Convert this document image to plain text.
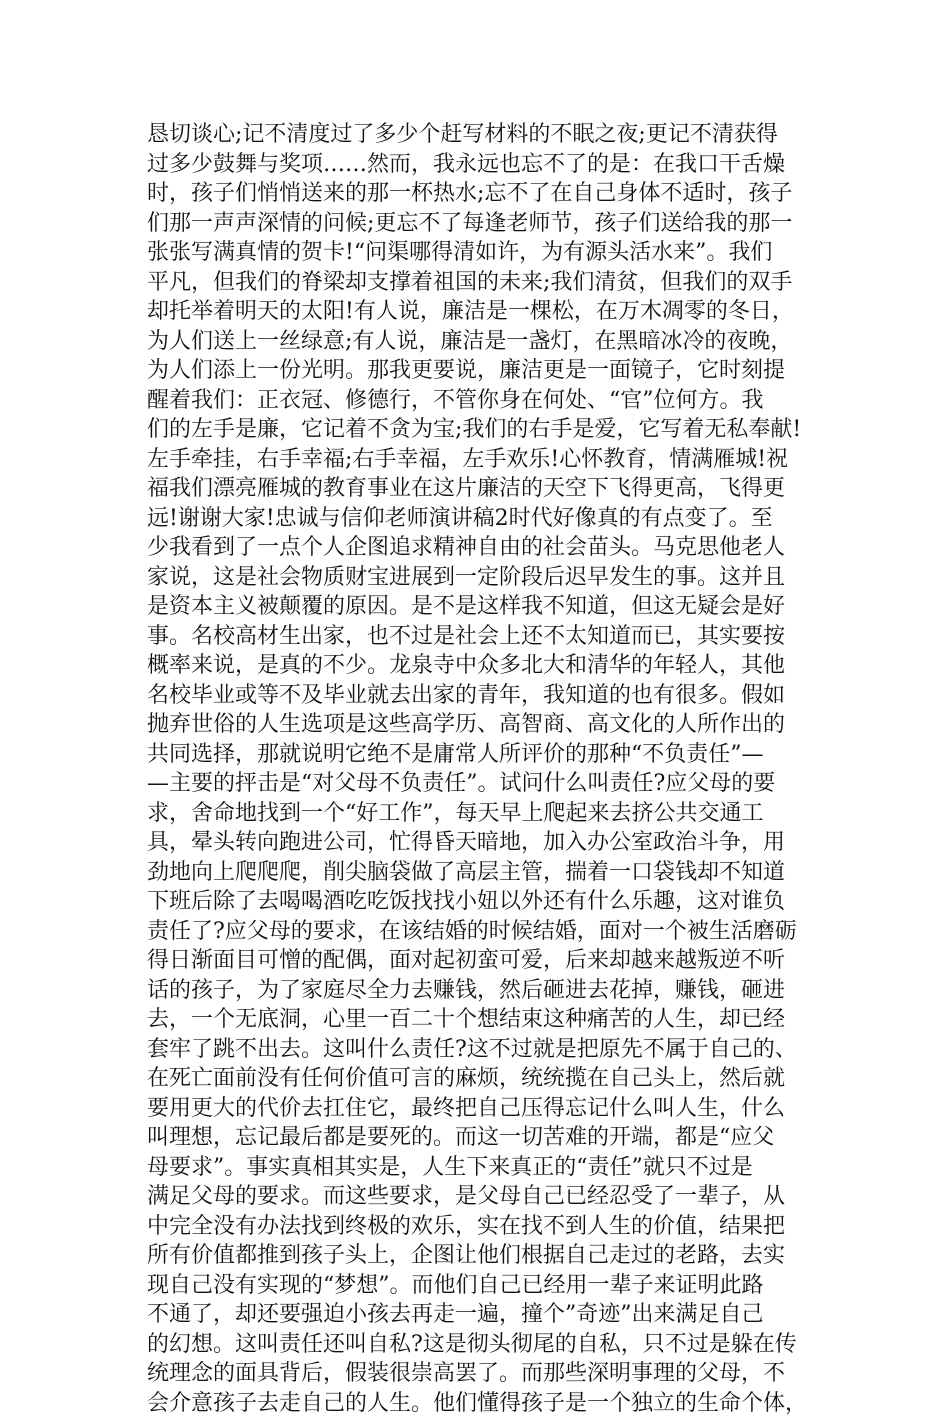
恳切谈心;记不清度过了多少个赶写材料的不眠之夜;更记不清获得
过多少鼓舞与奖项……然而，我永远也忘不了的是：在我口干舌燥
时，孩子们悄悄送来的那一杯热水;忘不了在自己身体不适时，孩子
们那一声声深情的问候;更忘不了每逢老师节，孩子们送给我的那一
张张写满真情的贺卡!“问渠哪得清如许，为有源头活水来”。我们
平凡，但我们的脊梁却支撑着祖国的未来;我们清贫，但我们的双手
却托举着明天的太阳!有人说，廉洁是一棵松，在万木凋零的冬日，
为人们送上一丝绿意;有人说，廉洁是一盏灯，在黑暗冰冷的夜晚，
为人们添上一份光明。那我更要说，廉洁更是一面镜子，它时刻提
醒着我们：正衣冠、修德行，不管你身在何处、“官”位何方。我
们的左手是廉，它记着不贪为宝;我们的右手是爱，它写着无私奉献!
左手牵挂，右手幸福;右手幸福，左手欢乐!心怀教育，情满雁城!祝
福我们漂亮雁城的教育事业在这片廉洁的天空下飞得更高，飞得更
远!谢谢大家!忠诚与信仰老师演讲稿2时代好像真的有点变了。至
少我看到了一点个人企图追求精神自由的社会苗头。马克思他老人
家说，这是社会物质财宝进展到一定阶段后迟早发生的事。这并且
是资本主义被颠覆的原因。是不是这样我不知道，但这无疑会是好
事。名校高材生出家，也不过是社会上还不太知道而已，其实要按
概率来说，是真的不少。龙泉寺中众多北大和清华的年轻人，其他
名校毕业或等不及毕业就去出家的青年，我知道的也有很多。假如
抛弃世俗的人生选项是这些高学历、高智商、高文化的人所作出的
共同选择，那就说明它绝不是庸常人所评价的那种“不负责任”—
—主要的抨击是“对父母不负责任”。试问什么叫责任?应父母的要
求，舍命地找到一个“好工作”，每天早上爬起来去挤公共交通工
具，晕头转向跑进公司，忙得昏天暗地，加入办公室政治斗争，用
劲地向上爬爬爬，削尖脑袋做了高层主管，揣着一口袋钱却不知道
下班后除了去喝喝酒吃吃饭找找小妞以外还有什么乐趣，这对谁负
责任了?应父母的要求，在该结婚的时候结婚，面对一个被生活磨砺
得日渐面目可憎的配偶，面对起初蛮可爱，后来却越来越叛逆不听
话的孩子，为了家庭尽全力去赚钱，然后砸进去花掉，赚钱，砸进
去，一个无底洞，心里一百二十个想结束这种痛苦的人生，却已经
套牢了跳不出去。这叫什么责任?这不过就是把原先不属于自己的、
在死亡面前没有任何价值可言的麻烦，统统揽在自己头上，然后就
要用更大的代价去扛住它，最终把自己压得忘记什么叫人生，什么
叫理想，忘记最后都是要死的。而这一切苦难的开端，都是“应父
母要求”。事实真相其实是，人生下来真正的“责任”就只不过是
满足父母的要求。而这些要求，是父母自己已经忍受了一辈子，从
中完全没有办法找到终极的欢乐，实在找不到人生的价值，结果把
所有价值都推到孩子头上，企图让他们根据自己走过的老路，去实
现自己没有实现的“梦想”。而他们自己已经用一辈子来证明此路
不通了，却还要强迫小孩去再走一遍，撞个”奇迹”出来满足自己
的幻想。这叫责任还叫自私?这是彻头彻尾的自私，只不过是躲在传
统理念的面具背后，假装很崇高罢了。而那些深明事理的父母，不
会介意孩子去走自己的人生。他们懂得孩子是一个独立的生命个体，
